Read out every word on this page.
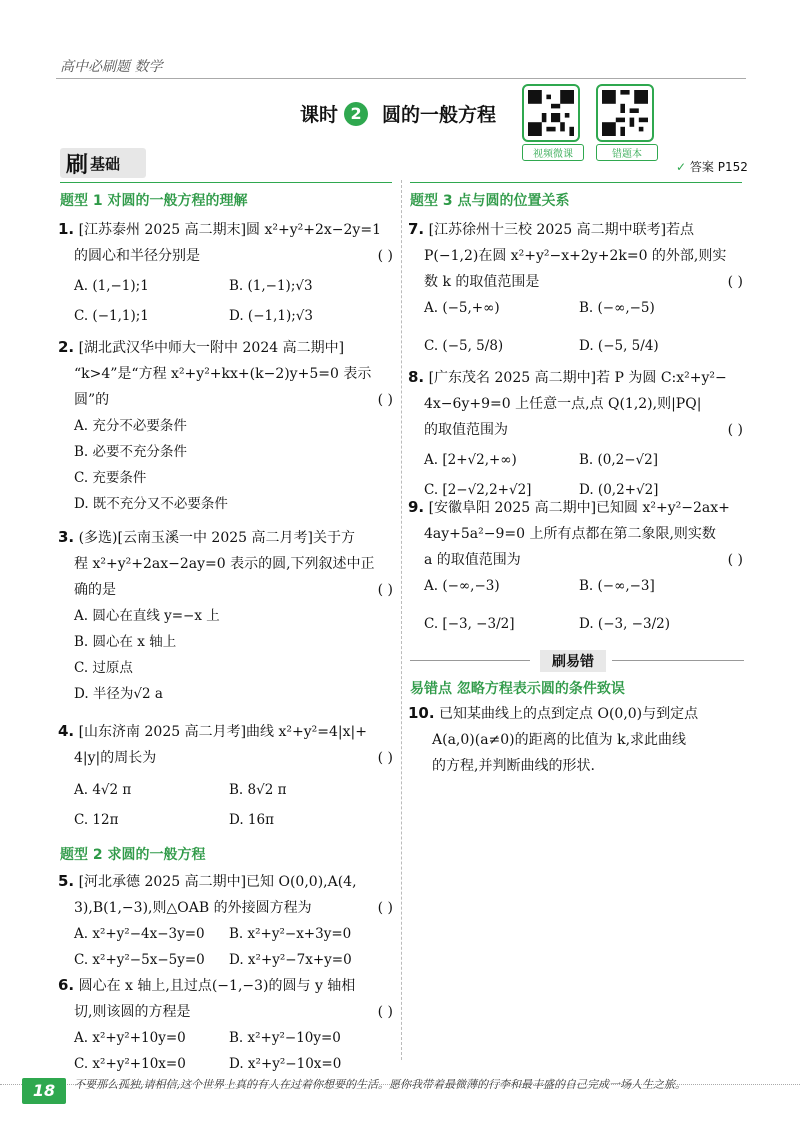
高中必刷题 数学
课时 2	圆的一般方程
视频微课	错题本
刷 基础	✓ 答案 P152
题型 1 对圆的一般方程的理解
1. [江苏泰州 2025 高二期末]圆 x²+y²+2x−2y=1
的圆心和半径分别是	( )
A. (1,−1);1	B. (1,−1);√3
C. (−1,1);1	D. (−1,1);√3
2. [湖北武汉华中师大一附中 2024 高二期中]
“k>4”是“方程 x²+y²+kx+(k−2)y+5=0 表示
圆”的	( )
A. 充分不必要条件
B. 必要不充分条件
C. 充要条件
D. 既不充分又不必要条件
3. (多选)[云南玉溪一中 2025 高二月考]关于方
程 x²+y²+2ax−2ay=0 表示的圆,下列叙述中正
确的是	( )
A. 圆心在直线 y=−x 上
B. 圆心在 x 轴上
C. 过原点
D. 半径为√2 a
4. [山东济南 2025 高二月考]曲线 x²+y²=4|x|+
4|y|的周长为	( )
A. 4√2 π	B. 8√2 π
C. 12π	D. 16π
题型 2 求圆的一般方程
5. [河北承德 2025 高二期中]已知 O(0,0),A(4,
3),B(1,−3),则△OAB 的外接圆方程为	( )
A. x²+y²−4x−3y=0	B. x²+y²−x+3y=0
C. x²+y²−5x−5y=0	D. x²+y²−7x+y=0
6. 圆心在 x 轴上,且过点(−1,−3)的圆与 y 轴相
切,则该圆的方程是	( )
A. x²+y²+10y=0	B. x²+y²−10y=0
C. x²+y²+10x=0	D. x²+y²−10x=0
题型 3 点与圆的位置关系
7. [江苏徐州十三校 2025 高二期中联考]若点
P(−1,2)在圆 x²+y²−x+2y+2k=0 的外部,则实
数 k 的取值范围是	( )
A. (−5,+∞)	B. (−∞,−5)
C. (−5, 5/8)	D. (−5, 5/4)
8. [广东茂名 2025 高二期中]若 P 为圆 C:x²+y²−
4x−6y+9=0 上任意一点,点 Q(1,2),则|PQ|
的取值范围为	( )
A. [2+√2,+∞)	B. (0,2−√2]
C. [2−√2,2+√2]	D. (0,2+√2]
9. [安徽阜阳 2025 高二期中]已知圆 x²+y²−2ax+
4ay+5a²−9=0 上所有点都在第二象限,则实数
a 的取值范围为	( )
A. (−∞,−3)	B. (−∞,−3]
C. [−3, −3/2]	D. (−3, −3/2)
刷易错
易错点 忽略方程表示圆的条件致误
10. 已知某曲线上的点到定点 O(0,0)与到定点
A(a,0)(a≠0)的距离的比值为 k,求此曲线
的方程,并判断曲线的形状.
18	不要那么孤独,请相信,这个世界上真的有人在过着你想要的生活。愿你我带着最微薄的行李和最丰盛的自己完成一场人生之旅。
